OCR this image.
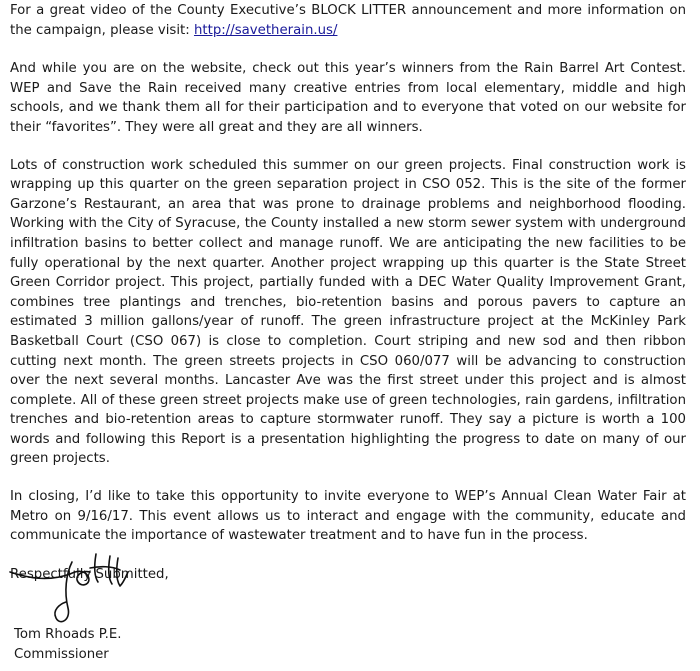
For a great video of the County Executive’s BLOCK LITTER announcement and more information on the campaign, please visit: http://savetherain.us/

And while you are on the website, check out this year’s winners from the Rain Barrel Art Contest. WEP and Save the Rain received many creative entries from local elementary, middle and high schools, and we thank them all for their participation and to everyone that voted on our website for their “favorites”. They were all great and they are all winners.

Lots of construction work scheduled this summer on our green projects. Final construction work is wrapping up this quarter on the green separation project in CSO 052. This is the site of the former Garzone’s Restaurant, an area that was prone to drainage problems and neighborhood flooding. Working with the City of Syracuse, the County installed a new storm sewer system with underground infiltration basins to better collect and manage runoff. We are anticipating the new facilities to be fully operational by the next quarter. Another project wrapping up this quarter is the State Street Green Corridor project. This project, partially funded with a DEC Water Quality Improvement Grant, combines tree plantings and trenches, bio-retention basins and porous pavers to capture an estimated 3 million gallons/year of runoff. The green infrastructure project at the McKinley Park Basketball Court (CSO 067) is close to completion. Court striping and new sod and then ribbon cutting next month. The green streets projects in CSO 060/077 will be advancing to construction over the next several months. Lancaster Ave was the first street under this project and is almost complete. All of these green street projects make use of green technologies, rain gardens, infiltration trenches and bio-retention areas to capture stormwater runoff. They say a picture is worth a 100 words and following this Report is a presentation highlighting the progress to date on many of our green projects.

In closing, I’d like to take this opportunity to invite everyone to WEP’s Annual Clean Water Fair at Metro on 9/16/17. This event allows us to interact and engage with the community, educate and communicate the importance of wastewater treatment and to have fun in the process.

Respectfully Submitted,

Tom Rhoads P.E.
Commissioner
